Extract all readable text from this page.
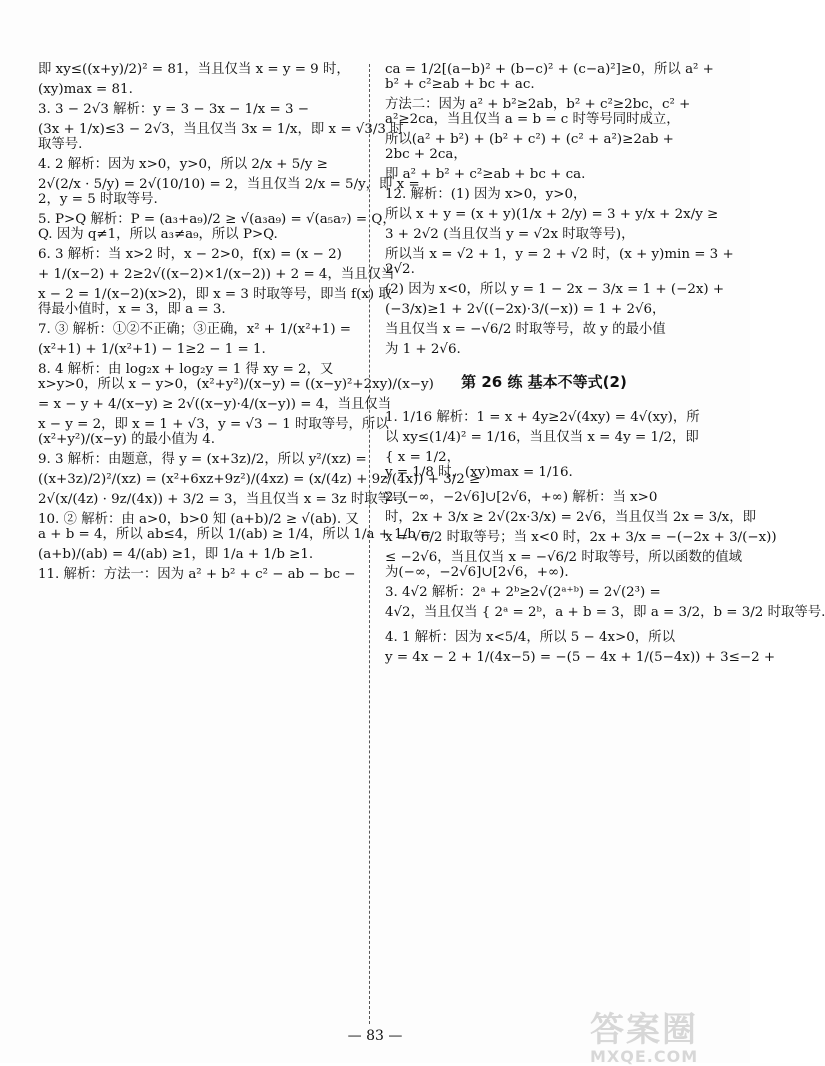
即 xy≤((x+y)/2)² = 81，当且仅当 x = y = 9 时，

(xy)max = 81.

3. 3 − 2√3 解析：y = 3 − 3x − 1/x = 3 −

(3x + 1/x)≤3 − 2√3，当且仅当 3x = 1/x，即 x = √3/3 时

取等号.

4. 2 解析：因为 x>0，y>0，所以 2/x + 5/y ≥

2√(2/x · 5/y) = 2√(10/10) = 2，当且仅当 2/x = 5/y，即 x =

2，y = 5 时取等号.

5. P>Q 解析：P = (a₃+a₉)/2 ≥ √(a₃a₉) = √(a₅a₇) = Q，

Q. 因为 q≠1，所以 a₃≠a₉，所以 P>Q.

6. 3 解析：当 x>2 时，x − 2>0，f(x) = (x − 2)

+ 1/(x−2) + 2≥2√((x−2)×1/(x−2)) + 2 = 4，当且仅当

x − 2 = 1/(x−2)(x>2)，即 x = 3 时取等号，即当 f(x) 取

得最小值时，x = 3，即 a = 3.

7. ③ 解析：①②不正确；③正确，x² + 1/(x²+1) =

(x²+1) + 1/(x²+1) − 1≥2 − 1 = 1.

8. 4 解析：由 log₂x + log₂y = 1 得 xy = 2，又

x>y>0，所以 x − y>0，(x²+y²)/(x−y) = ((x−y)²+2xy)/(x−y)

= x − y + 4/(x−y) ≥ 2√((x−y)·4/(x−y)) = 4，当且仅当

x − y = 2，即 x = 1 + √3，y = √3 − 1 时取等号，所以

(x²+y²)/(x−y) 的最小值为 4.

9. 3 解析：由题意，得 y = (x+3z)/2，所以 y²/(xz) =

((x+3z)/2)²/(xz) = (x²+6xz+9z²)/(4xz) = (x/(4z) + 9z/(4x)) + 3/2 ≥

2√(x/(4z) · 9z/(4x)) + 3/2 = 3，当且仅当 x = 3z 时取等号.

10. ② 解析：由 a>0，b>0 知 (a+b)/2 ≥ √(ab). 又

a + b = 4，所以 ab≤4，所以 1/(ab) ≥ 1/4，所以 1/a + 1/b =

(a+b)/(ab) = 4/(ab) ≥1，即 1/a + 1/b ≥1.

11. 解析：方法一：因为 a² + b² + c² − ab − bc −

ca = 1/2[(a−b)² + (b−c)² + (c−a)²]≥0，所以 a² +

b² + c²≥ab + bc + ac.

方法二：因为 a² + b²≥2ab，b² + c²≥2bc，c² +

a²≥2ca，当且仅当 a = b = c 时等号同时成立，

所以(a² + b²) + (b² + c²) + (c² + a²)≥2ab +

2bc + 2ca，

即 a² + b² + c²≥ab + bc + ca.

12. 解析：(1) 因为 x>0，y>0，

所以 x + y = (x + y)(1/x + 2/y) = 3 + y/x + 2x/y ≥

3 + 2√2 (当且仅当 y = √2x 时取等号)，

所以当 x = √2 + 1，y = 2 + √2 时，(x + y)min = 3 +

2√2.

(2) 因为 x<0，所以 y = 1 − 2x − 3/x = 1 + (−2x) +

(−3/x)≥1 + 2√((−2x)·3/(−x)) = 1 + 2√6，

当且仅当 x = −√6/2 时取等号，故 y 的最小值

为 1 + 2√6.

第 26 练 基本不等式(2)

1. 1/16 解析：1 = x + 4y≥2√(4xy) = 4√(xy)，所

以 xy≤(1/4)² = 1/16，当且仅当 x = 4y = 1/2，即

{ x = 1/2，

y = 1/8 时，(xy)max = 1/16.

2. (−∞，−2√6]∪[2√6，+∞) 解析：当 x>0

时，2x + 3/x ≥ 2√(2x·3/x) = 2√6，当且仅当 2x = 3/x，即

x = √6/2 时取等号；当 x<0 时，2x + 3/x = −(−2x + 3/(−x))

≤ −2√6，当且仅当 x = −√6/2 时取等号，所以函数的值域

为(−∞，−2√6]∪[2√6，+∞).

3. 4√2 解析：2ᵃ + 2ᵇ≥2√(2ᵃ⁺ᵇ) = 2√(2³) =

4√2，当且仅当 { 2ᵃ = 2ᵇ，a + b = 3，即 a = 3/2，b = 3/2 时取等号.

4. 1 解析：因为 x<5/4，所以 5 − 4x>0，所以

y = 4x − 2 + 1/(4x−5) = −(5 − 4x + 1/(5−4x)) + 3≤−2 +

— 83 —	答案圈
MXQE.COM
